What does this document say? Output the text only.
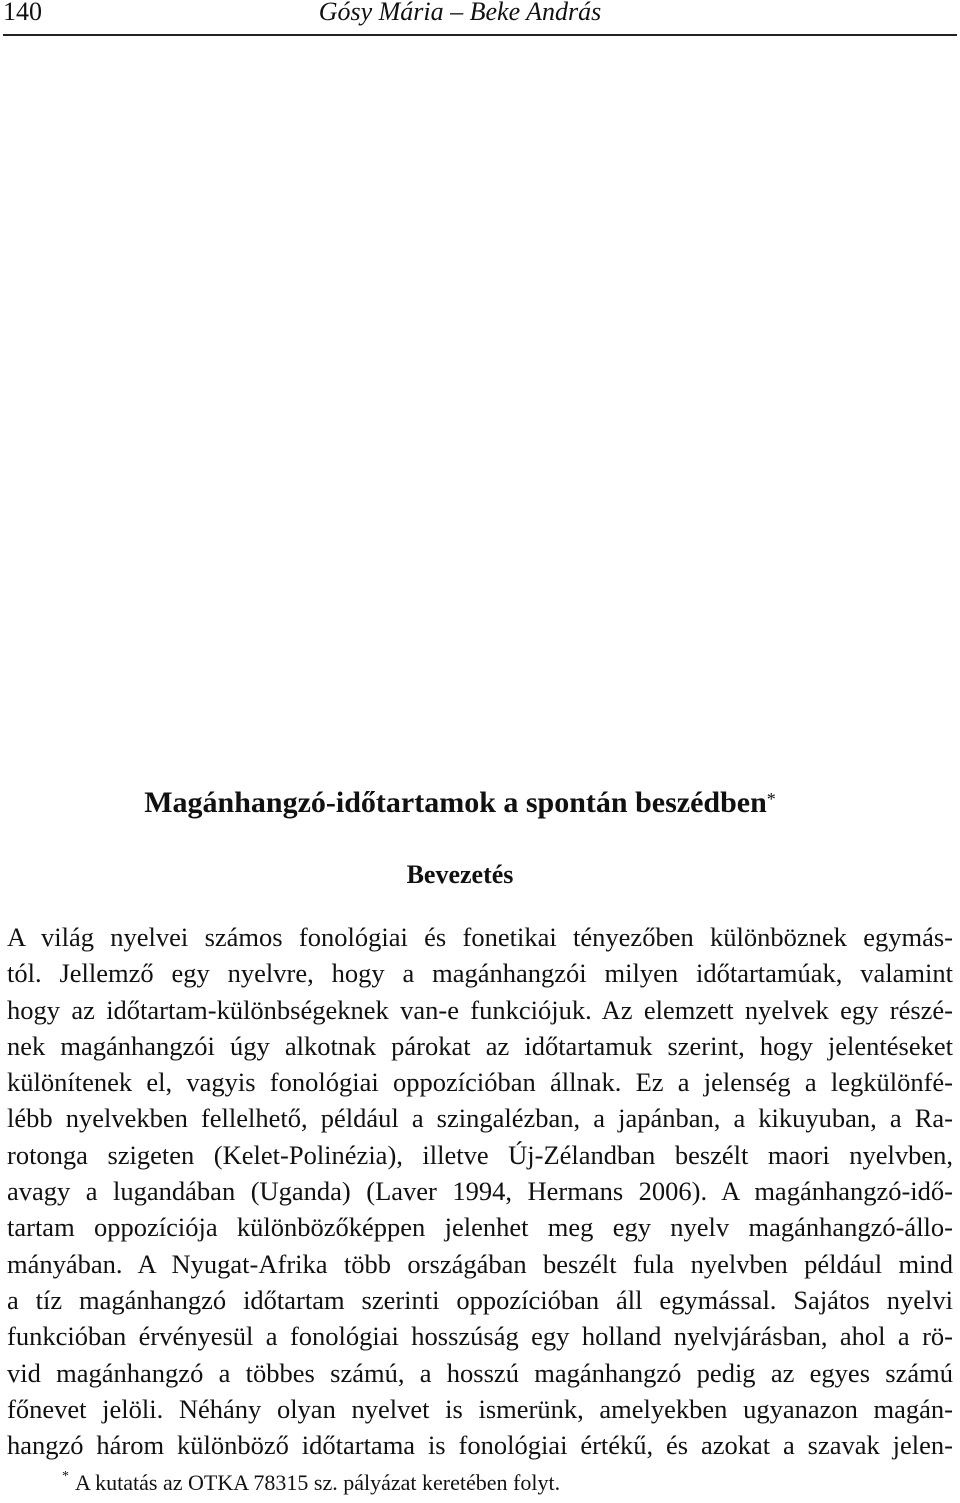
140	Gósy Mária – Beke András
Magánhangzó-időtartamok a spontán beszédben*
Bevezetés
A világ nyelvei számos fonológiai és fonetikai tényezőben különböznek egymás-
tól. Jellemző egy nyelvre, hogy a magánhangzói milyen időtartamúak, valamint
hogy az időtartam-különbségeknek van-e funkciójuk. Az elemzett nyelvek egy részé-
nek magánhangzói úgy alkotnak párokat az időtartamuk szerint, hogy jelentéseket
különítenek el, vagyis fonológiai oppozícióban állnak. Ez a jelenség a legkülönfé-
lébb nyelvekben fellelhető, például a szingalézban, a japánban, a kikuyuban, a Ra-
rotonga szigeten (Kelet-Polinézia), illetve Új-Zélandban beszélt maori nyelvben,
avagy a lugandában (Uganda) (Laver 1994, Hermans 2006). A magánhangzó-idő-
tartam oppozíciója különbözőképpen jelenhet meg egy nyelv magánhangzó-állo-
mányában. A Nyugat-Afrika több országában beszélt fula nyelvben például mind
a tíz magánhangzó időtartam szerinti oppozícióban áll egymással. Sajátos nyelvi
funkcióban érvényesül a fonológiai hosszúság egy holland nyelvjárásban, ahol a rö-
vid magánhangzó a többes számú, a hosszú magánhangzó pedig az egyes számú
főnevet jelöli. Néhány olyan nyelvet is ismerünk, amelyekben ugyanazon magán-
hangzó három különböző időtartama is fonológiai értékű, és azokat a szavak jelen-
* A kutatás az OTKA 78315 sz. pályázat keretében folyt.
